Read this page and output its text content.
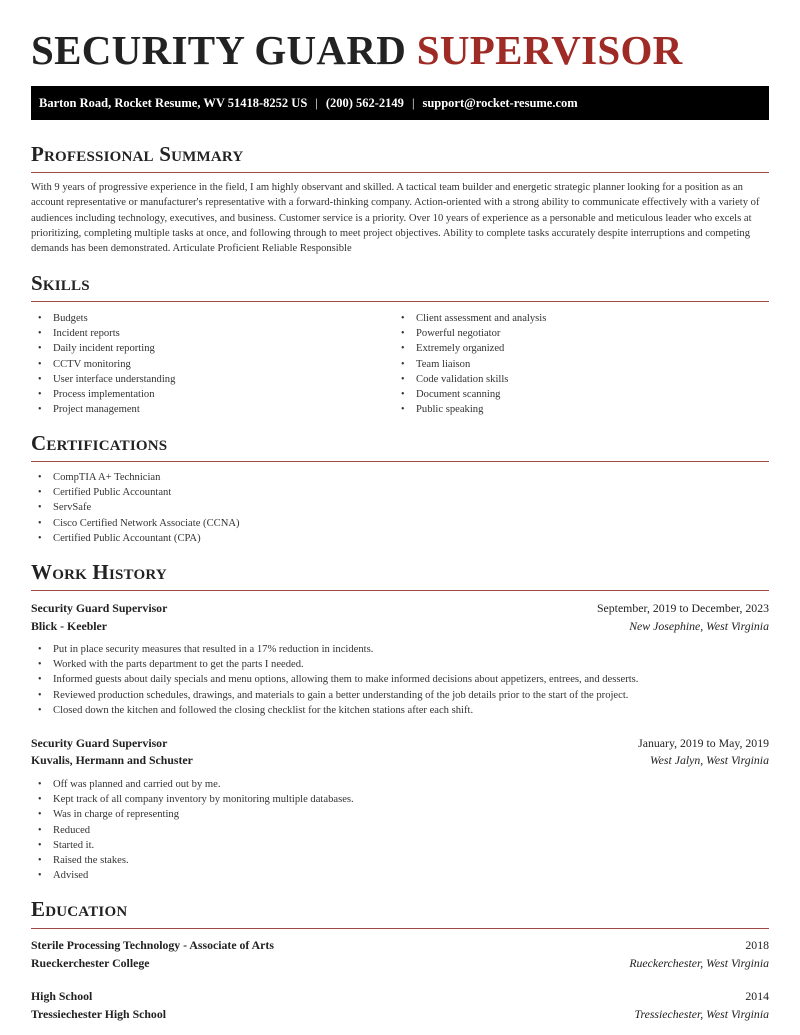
SECURITY GUARD SUPERVISOR
Barton Road, Rocket Resume, WV 51418-8252 US | (200) 562-2149 | support@rocket-resume.com
Professional Summary

With 9 years of progressive experience in the field, I am highly observant and skilled. A tactical team builder and energetic strategic planner looking for a position as an account representative or manufacturer's representative with a forward-thinking company. Action-oriented with a strong ability to communicate effectively with a variety of audiences including technology, executives, and business. Customer service is a priority. Over 10 years of experience as a personable and meticulous leader who excels at prioritizing, completing multiple tasks at once, and following through to meet project objectives. Ability to complete tasks accurately despite interruptions and competing demands has been demonstrated. Articulate Proficient Reliable Responsible

Skills
• Budgets
• Incident reports
• Daily incident reporting
• CCTV monitoring
• User interface understanding
• Process implementation
• Project management
• Client assessment and analysis
• Powerful negotiator
• Extremely organized
• Team liaison
• Code validation skills
• Document scanning
• Public speaking
Certifications
• CompTIA A+ Technician
• Certified Public Accountant
• ServSafe
• Cisco Certified Network Associate (CCNA)
• Certified Public Accountant (CPA)
Work History
Security Guard Supervisor	September, 2019 to December, 2023
Blick - Keebler	New Josephine, West Virginia
• Put in place security measures that resulted in a 17% reduction in incidents.
• Worked with the parts department to get the parts I needed.
• Informed guests about daily specials and menu options, allowing them to make informed decisions about appetizers, entrees, and desserts.
• Reviewed production schedules, drawings, and materials to gain a better understanding of the job details prior to the start of the project.
• Closed down the kitchen and followed the closing checklist for the kitchen stations after each shift.
Security Guard Supervisor	January, 2019 to May, 2019
Kuvalis, Hermann and Schuster	West Jalyn, West Virginia
• Off was planned and carried out by me.
• Kept track of all company inventory by monitoring multiple databases.
• Was in charge of representing
• Reduced
• Started it.
• Raised the stakes.
• Advised
Education
Sterile Processing Technology - Associate of Arts	2018
Rueckerchester College	Rueckerchester, West Virginia
High School	2014
Tressiechester High School	Tressiechester, West Virginia
